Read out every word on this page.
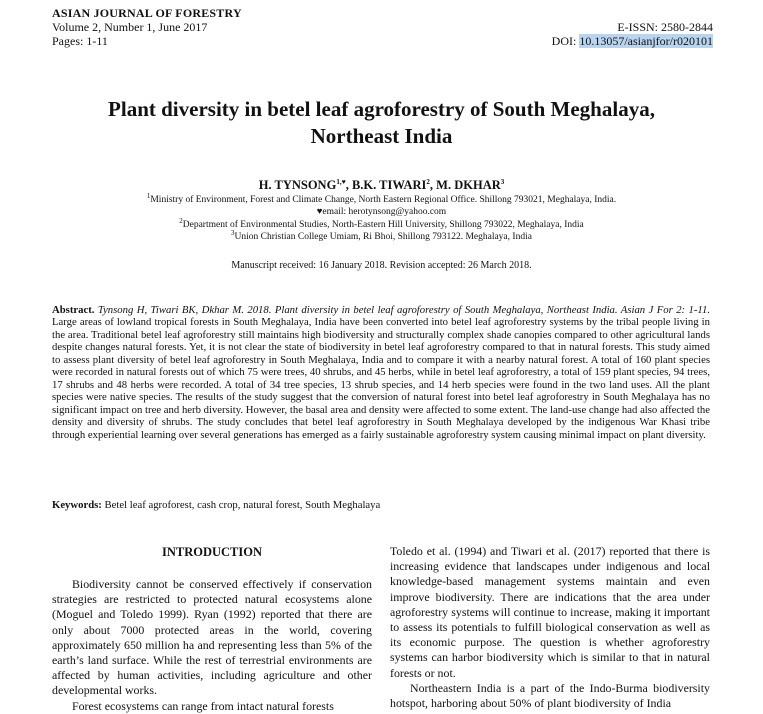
ASIAN JOURNAL OF FORESTRY
Volume 2, Number 1, June 2017
Pages: 1-11
E-ISSN: 2580-2844
DOI: 10.13057/asianjfor/r020101
Plant diversity in betel leaf agroforestry of South Meghalaya,
Northeast India
H. $TYNSONG^{1,♥}$, B.K. TIWARI$^2$, M. DKHAR$^3$
$^1$Ministry of Environment, Forest and Climate Change, North Eastern Regional Office. Shillong 793021, Meghalaya, India.
♥email: herotynsong@yahoo.com
$^2$Department of Environmental Studies, North-Eastern Hill University, Shillong 793022, Meghalaya, India
$^3$Union Christian College Umiam, Ri Bhoi, Shillong 793122. Meghalaya, India
Manuscript received: 16 January 2018. Revision accepted: 26 March 2018.
Abstract. Tynsong H, Tiwari BK, Dkhar M. 2018. Plant diversity in betel leaf agroforestry of South Meghalaya, Northeast India. Asian J For 2: 1-11. Large areas of lowland tropical forests in South Meghalaya, India have been converted into betel leaf agroforestry systems by the tribal people living in the area. Traditional betel leaf agroforestry still maintains high biodiversity and structurally complex shade canopies compared to other agricultural lands despite changes natural forests. Yet, it is not clear the state of biodiversity in betel leaf agroforestry compared to that in natural forests. This study aimed to assess plant diversity of betel leaf agroforestry in South Meghalaya, India and to compare it with a nearby natural forest. A total of 160 plant species were recorded in natural forests out of which 75 were trees, 40 shrubs, and 45 herbs, while in betel leaf agroforestry, a total of 159 plant species, 94 trees, 17 shrubs and 48 herbs were recorded. A total of 34 tree species, 13 shrub species, and 14 herb species were found in the two land uses. All the plant species were native species. The results of the study suggest that the conversion of natural forest into betel leaf agroforestry in South Meghalaya has no significant impact on tree and herb diversity. However, the basal area and density were affected to some extent. The land-use change had also affected the density and diversity of shrubs. The study concludes that betel leaf agroforestry in South Meghalaya developed by the indigenous War Khasi tribe through experiential learning over several generations has emerged as a fairly sustainable agroforestry system causing minimal impact on plant diversity.
Keywords: Betel leaf agroforest, cash crop, natural forest, South Meghalaya
INTRODUCTION

Biodiversity cannot be conserved effectively if conservation strategies are restricted to protected natural ecosystems alone (Moguel and Toledo 1999). Ryan (1992) reported that there are only about 7000 protected areas in the world, covering approximately 650 million ha and representing less than 5% of the earth’s land surface. While the rest of terrestrial environments are affected by human activities, including agriculture and other developmental works.

Forest ecosystems can range from intact natural forests

Toledo et al. (1994) and Tiwari et al. (2017) reported that there is increasing evidence that landscapes under indigenous and local knowledge-based management systems maintain and even improve biodiversity. There are indications that the area under agroforestry systems will continue to increase, making it important to assess its potentials to fulfill biological conservation as well as its economic purpose. The question is whether agroforestry systems can harbor biodiversity which is similar to that in natural forests or not.

Northeastern India is a part of the Indo-Burma biodiversity hotspot, harboring about 50% of plant biodiversity of India
